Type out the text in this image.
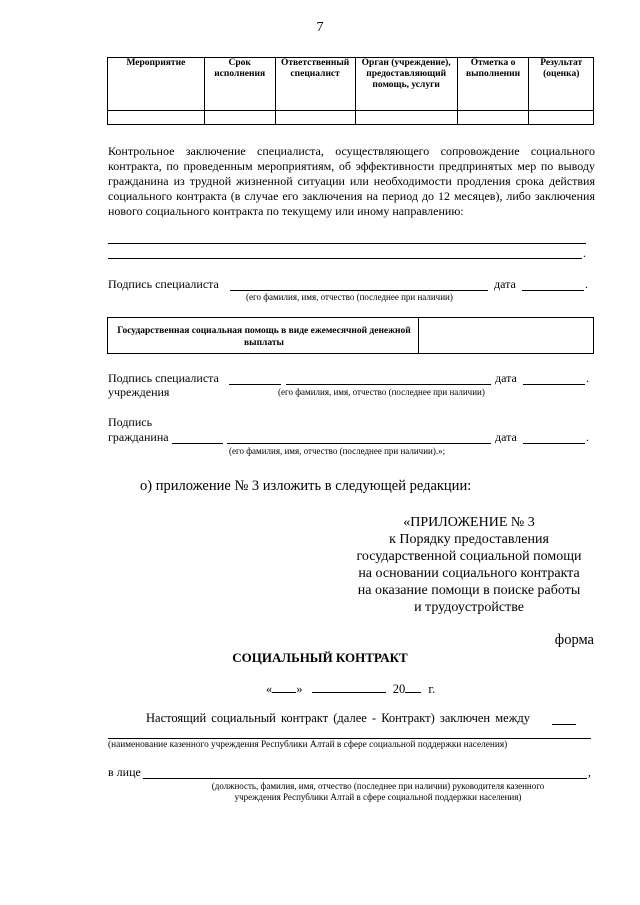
7
Мероприятие	Срок исполнения	Ответственный специалист	Орган (учреждение), предоставляющий помощь, услуги	Отметка о выполнении	Результат (оценка)

Контрольное заключение специалиста, осуществляющего сопровождение социального контракта, по проведенным мероприятиям, об эффективности предпринятых мер по выводу гражданина из трудной жизненной ситуации или необходимости продления срока действия социального контракта (в случае его заключения на период до 12 месяцев), либо заключения нового социального контракта по текущему или иному направлению:
.
Подпись специалиста	дата	.
(его фамилия, имя, отчество (последнее при наличии)
Государственная социальная помощь в виде ежемесячной денежной выплаты
Подпись специалиста
учреждения
дата	.
(его фамилия, имя, отчество (последнее при наличии)
Подпись
гражданина	дата	.
(его фамилия, имя, отчество (последнее при наличии).»;
о) приложение № 3 изложить в следующей редакции:
«ПРИЛОЖЕНИЕ № 3
к Порядку предоставления
государственной социальной помощи
на основании социального контракта
на оказание помощи в поиске работы
и трудоустройстве
форма
СОЦИАЛЬНЫЙ КОНТРАКТ
« »	20 г.
Настоящий социальный контракт (далее - Контракт) заключен между
(наименование казенного учреждения Республики Алтай в сфере социальной поддержки населения)
в лице	,
(должность, фамилия, имя, отчество (последнее при наличии) руководителя казенного
учреждения Республики Алтай в сфере социальной поддержки населения)
